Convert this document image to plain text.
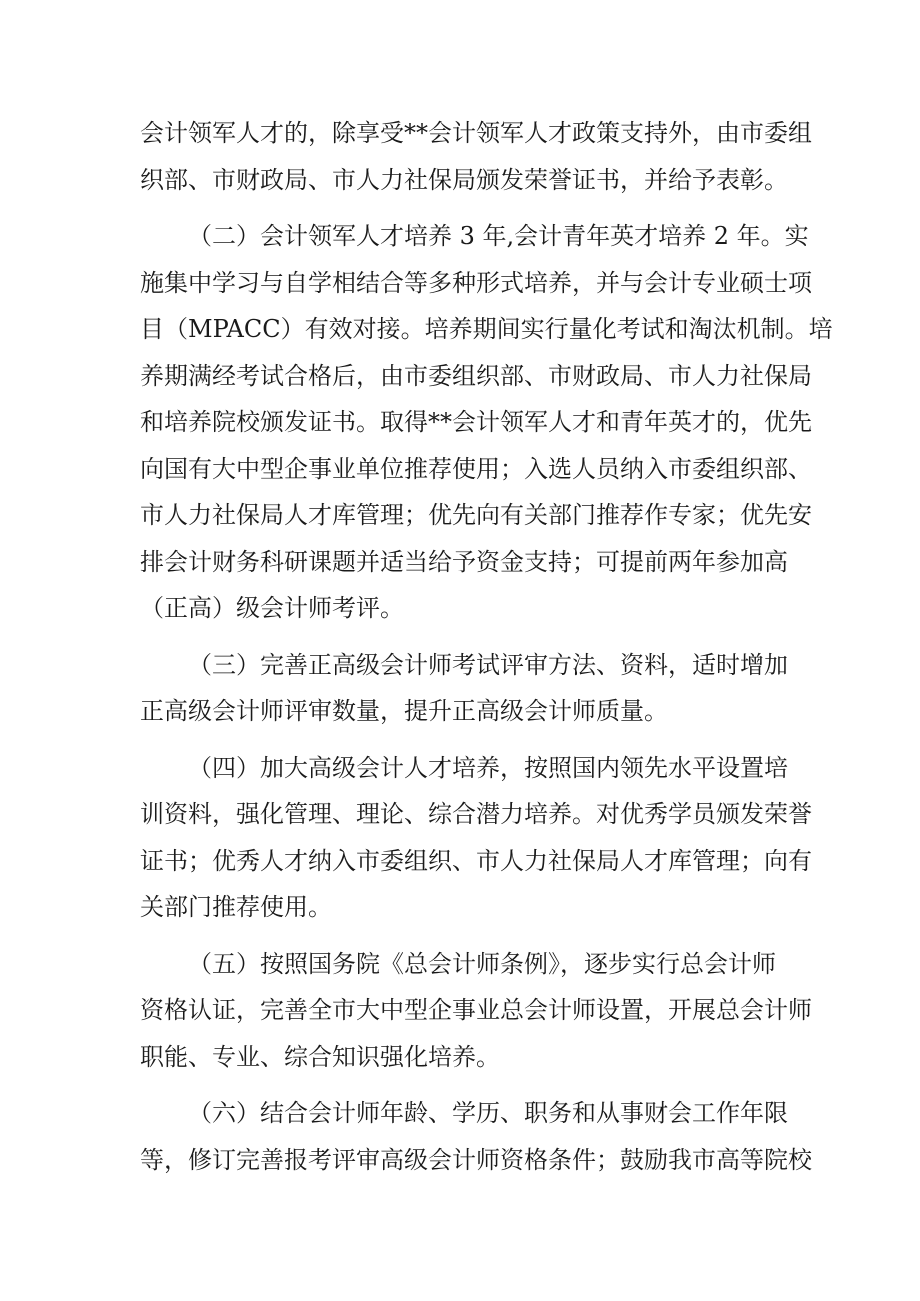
会计领军人才的，除享受**会计领军人才政策支持外，由市委组
织部、市财政局、市人力社保局颁发荣誉证书，并给予表彰。
（二）会计领军人才培养 3 年,会计青年英才培养 2 年。实
施集中学习与自学相结合等多种形式培养，并与会计专业硕士项
目（MPACC）有效对接。培养期间实行量化考试和淘汰机制。培
养期满经考试合格后，由市委组织部、市财政局、市人力社保局
和培养院校颁发证书。取得**会计领军人才和青年英才的，优先
向国有大中型企事业单位推荐使用；入选人员纳入市委组织部、
市人力社保局人才库管理；优先向有关部门推荐作专家；优先安
排会计财务科研课题并适当给予资金支持；可提前两年参加高
（正高）级会计师考评。
（三）完善正高级会计师考试评审方法、资料，适时增加
正高级会计师评审数量，提升正高级会计师质量。
（四）加大高级会计人才培养，按照国内领先水平设置培
训资料，强化管理、理论、综合潜力培养。对优秀学员颁发荣誉
证书；优秀人才纳入市委组织、市人力社保局人才库管理；向有
关部门推荐使用。
（五）按照国务院《总会计师条例》，逐步实行总会计师
资格认证，完善全市大中型企事业总会计师设置，开展总会计师
职能、专业、综合知识强化培养。
（六）结合会计师年龄、学历、职务和从事财会工作年限
等，修订完善报考评审高级会计师资格条件；鼓励我市高等院校
